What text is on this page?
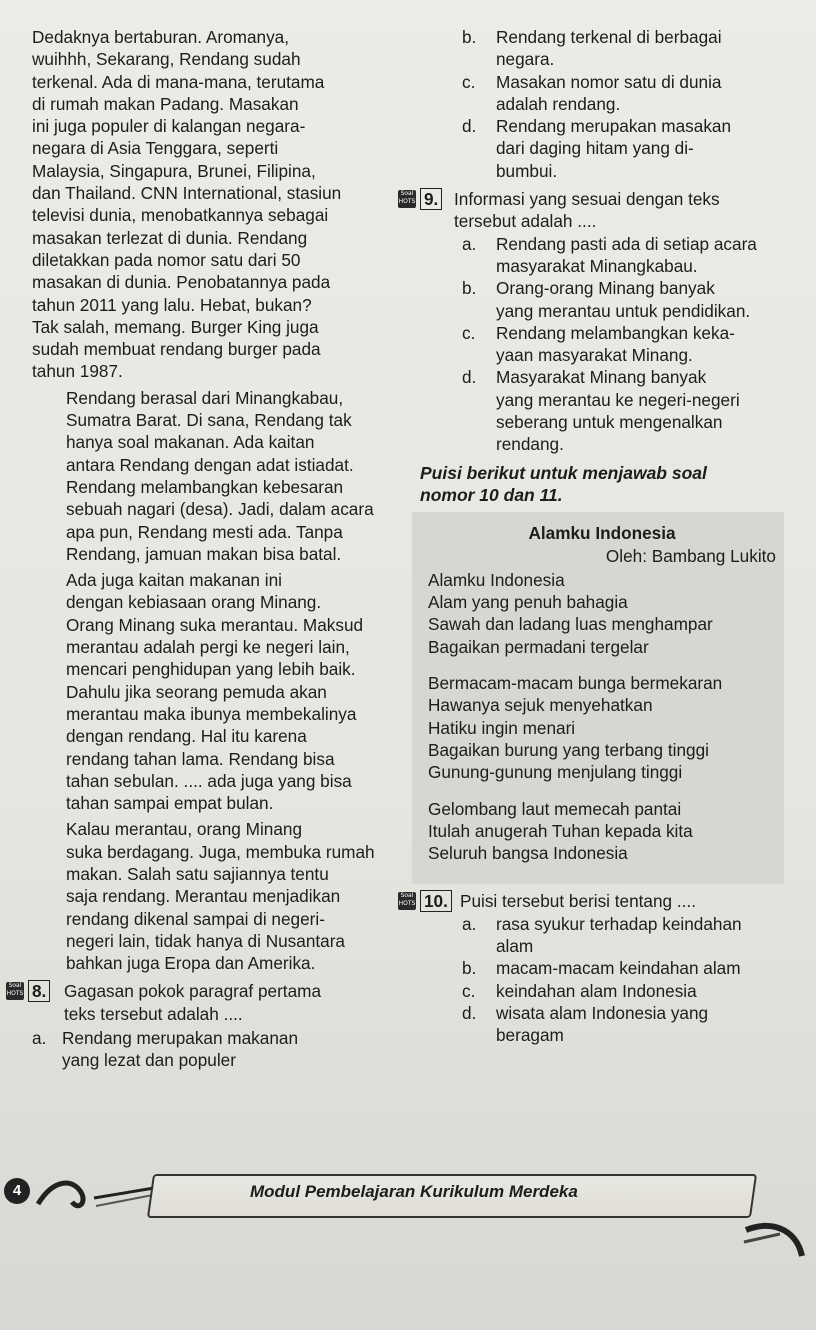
Dedaknya bertaburan. Aromanya,
wuihhh, Sekarang, Rendang sudah
terkenal. Ada di mana-mana, terutama
di rumah makan Padang. Masakan
ini juga populer di kalangan negara-
negara di Asia Tenggara, seperti
Malaysia, Singapura, Brunei, Filipina,
dan Thailand. CNN International, stasiun
televisi dunia, menobatkannya sebagai
masakan terlezat di dunia. Rendang
diletakkan pada nomor satu dari 50
masakan di dunia. Penobatannya pada
tahun 2011 yang lalu. Hebat, bukan?
Tak salah, memang. Burger King juga
sudah membuat rendang burger pada
tahun 1987.

Rendang berasal dari Minangkabau,
Sumatra Barat. Di sana, Rendang tak
hanya soal makanan. Ada kaitan
antara Rendang dengan adat istiadat.
Rendang melambangkan kebesaran
sebuah nagari (desa). Jadi, dalam acara
apa pun, Rendang mesti ada. Tanpa
Rendang, jamuan makan bisa batal.

Ada juga kaitan makanan ini
dengan kebiasaan orang Minang.
Orang Minang suka merantau. Maksud
merantau adalah pergi ke negeri lain,
mencari penghidupan yang lebih baik.
Dahulu jika seorang pemuda akan
merantau maka ibunya membekalinya
dengan rendang. Hal itu karena
rendang tahan lama. Rendang bisa
tahan sebulan. .... ada juga yang bisa
tahan sampai empat bulan.

Kalau merantau, orang Minang
suka berdagang. Juga, membuka rumah
makan. Salah satu sajiannya tentu
saja rendang. Merantau menjadikan
rendang dikenal sampai di negeri-
negeri lain, tidak hanya di Nusantara
bahkan juga Eropa dan Amerika.

Soal
HOTS 8. Gagasan pokok paragraf pertama
teks tersebut adalah ....
a. Rendang merupakan makanan
yang lezat dan populer
b. Rendang terkenal di berbagai
negara.
c. Masakan nomor satu di dunia
adalah rendang.
d. Rendang merupakan masakan
dari daging hitam yang di-
bumbui.
Soal
HOTS 9. Informasi yang sesuai dengan teks
tersebut adalah ....
a. Rendang pasti ada di setiap acara
masyarakat Minangkabau.
b. Orang-orang Minang banyak
yang merantau untuk pendidikan.
c. Rendang melambangkan keka-
yaan masyarakat Minang.
d. Masyarakat Minang banyak
yang merantau ke negeri-negeri
seberang untuk mengenalkan
rendang.
Puisi berikut untuk menjawab soal
nomor 10 dan 11.
Alamku Indonesia
Oleh: Bambang Lukito
Alamku Indonesia
Alam yang penuh bahagia
Sawah dan ladang luas menghampar
Bagaikan permadani tergelar
Bermacam-macam bunga bermekaran
Hawanya sejuk menyehatkan
Hatiku ingin menari
Bagaikan burung yang terbang tinggi
Gunung-gunung menjulang tinggi
Gelombang laut memecah pantai
Itulah anugerah Tuhan kepada kita
Seluruh bangsa Indonesia
Soal
HOTS 10. Puisi tersebut berisi tentang ....
a. rasa syukur terhadap keindahan
alam
b. macam-macam keindahan alam
c. keindahan alam Indonesia
d. wisata alam Indonesia yang
beragam
4	Modul Pembelajaran Kurikulum Merdeka
